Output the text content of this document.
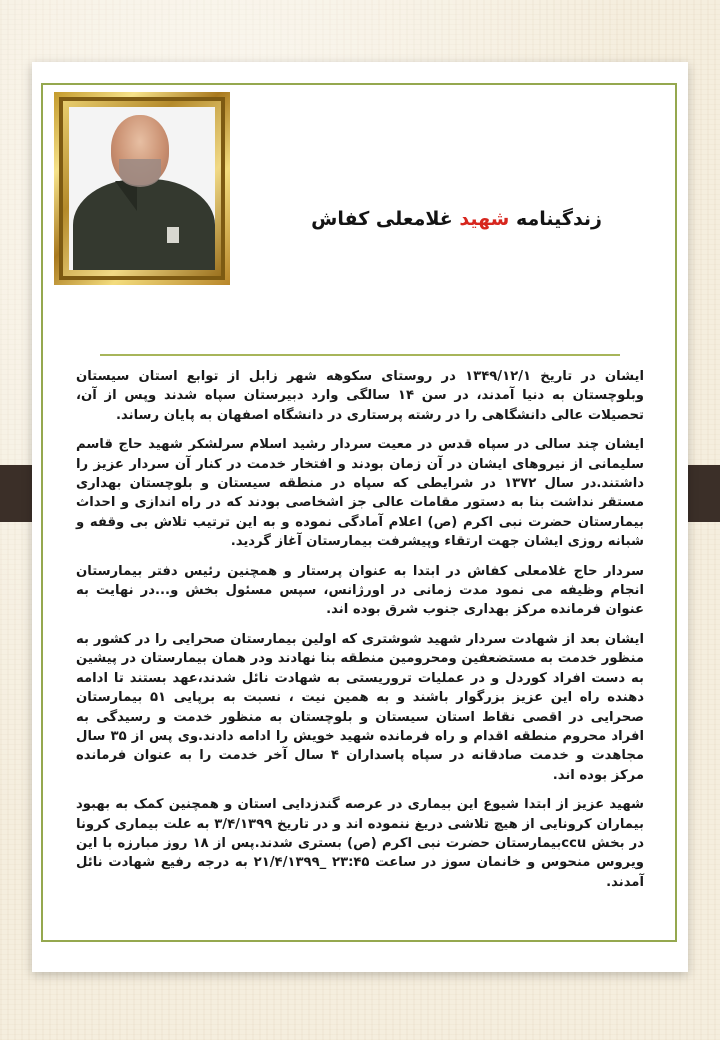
زندگینامه شهید غلامعلی کفاش

ایشان در تاریخ ۱۳۴۹/۱۲/۱ در روستای سکوهه شهر زابل از توابع استان سیستان وبلوچستان به دنیا آمدند، در سن ۱۴ سالگی وارد دبیرستان سپاه شدند وپس از آن، تحصیلات عالی دانشگاهی را در رشته پرستاری در دانشگاه اصفهان به پایان رساند.

ایشان چند سالی در سپاه قدس در معیت سردار رشید اسلام سرلشکر شهید حاج قاسم سلیمانی از نیروهای ایشان در آن زمان بودند و افتخار خدمت در کنار آن سردار عزیز را داشتند.در سال ۱۳۷۲ در شرایطی که سپاه در منطقه سیستان و بلوچستان بهداری مستقر نداشت بنا به دستور مقامات عالی جز اشخاصی بودند که در راه اندازی و احداث بیمارستان حضرت نبی اکرم (ص) اعلام آمادگی نموده و به این ترتیب تلاش بی وقفه و شبانه روزی ایشان جهت ارتقاء وپیشرفت بیمارستان آغاز گردید.

سردار حاج غلامعلی کفاش در ابتدا به عنوان پرستار و همچنین رئیس دفتر بیمارستان انجام وظیفه می نمود مدت زمانی در اورژانس، سپس مسئول بخش و...در نهایت به عنوان فرمانده مرکز بهداری جنوب شرق بوده اند.

ایشان بعد از شهادت سردار شهید شوشتری که اولین بیمارستان صحرایی را در کشور به منظور خدمت به مستضعفین ومحرومین منطقه بنا نهادند ودر همان بیمارستان در پیشین به دست افراد کوردل و در عملیات تروریستی به شهادت نائل شدند،عهد بستند تا ادامه دهنده راه این عزیز بزرگوار باشند و به همین نیت ، نسبت به برپایی ۵۱ بیمارستان صحرایی در اقصی نقاط استان سیستان و بلوچستان به منظور خدمت و رسیدگی به افراد محروم منطقه اقدام و راه فرمانده شهید خویش را ادامه دادند.وی پس از ۳۵ سال مجاهدت و خدمت صادقانه در سپاه پاسداران ۴ سال آخر خدمت را به عنوان فرمانده مرکز بوده اند.

شهید عزیز از ابتدا شیوع این بیماری در عرصه گندزدایی استان و همچنین کمک به بهبود بیماران کرونایی از هیچ تلاشی دریغ ننموده اند و در تاریخ ۳/۴/۱۳۹۹ به علت بیماری کرونا در بخش ccuبیمارستان حضرت نبی اکرم (ص) بستری شدند.پس از ۱۸ روز مبارزه با این ویروس منحوس و خانمان سوز در ساعت ۲۳:۴۵ _۲۱/۴/۱۳۹۹ به درجه رفیع شهادت نائل آمدند.
